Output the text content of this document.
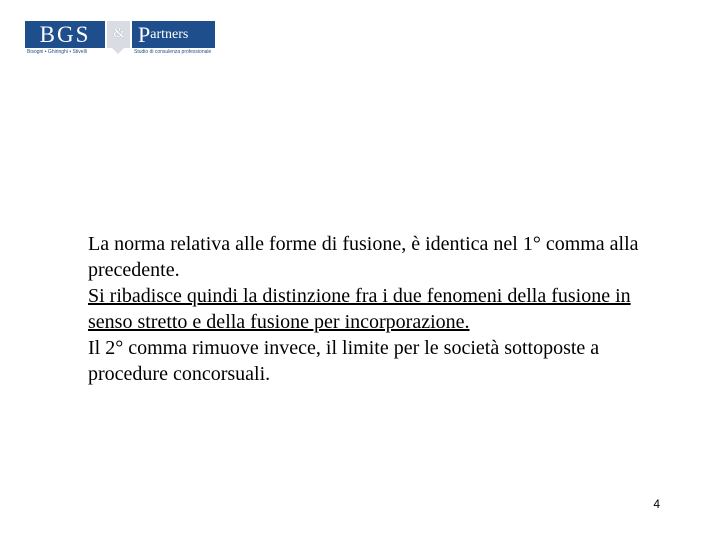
BGS & P artners
Bisogni • Ghiringhi • Stivelli	Studio di consulenza professionale

La norma relativa alle forme di fusione, è identica nel 1° comma alla precedente.

Si ribadisce quindi la distinzione fra i due fenomeni della fusione in senso stretto e della fusione per incorporazione.

Il 2° comma rimuove invece, il limite per le società sottoposte a procedure concorsuali.

4
